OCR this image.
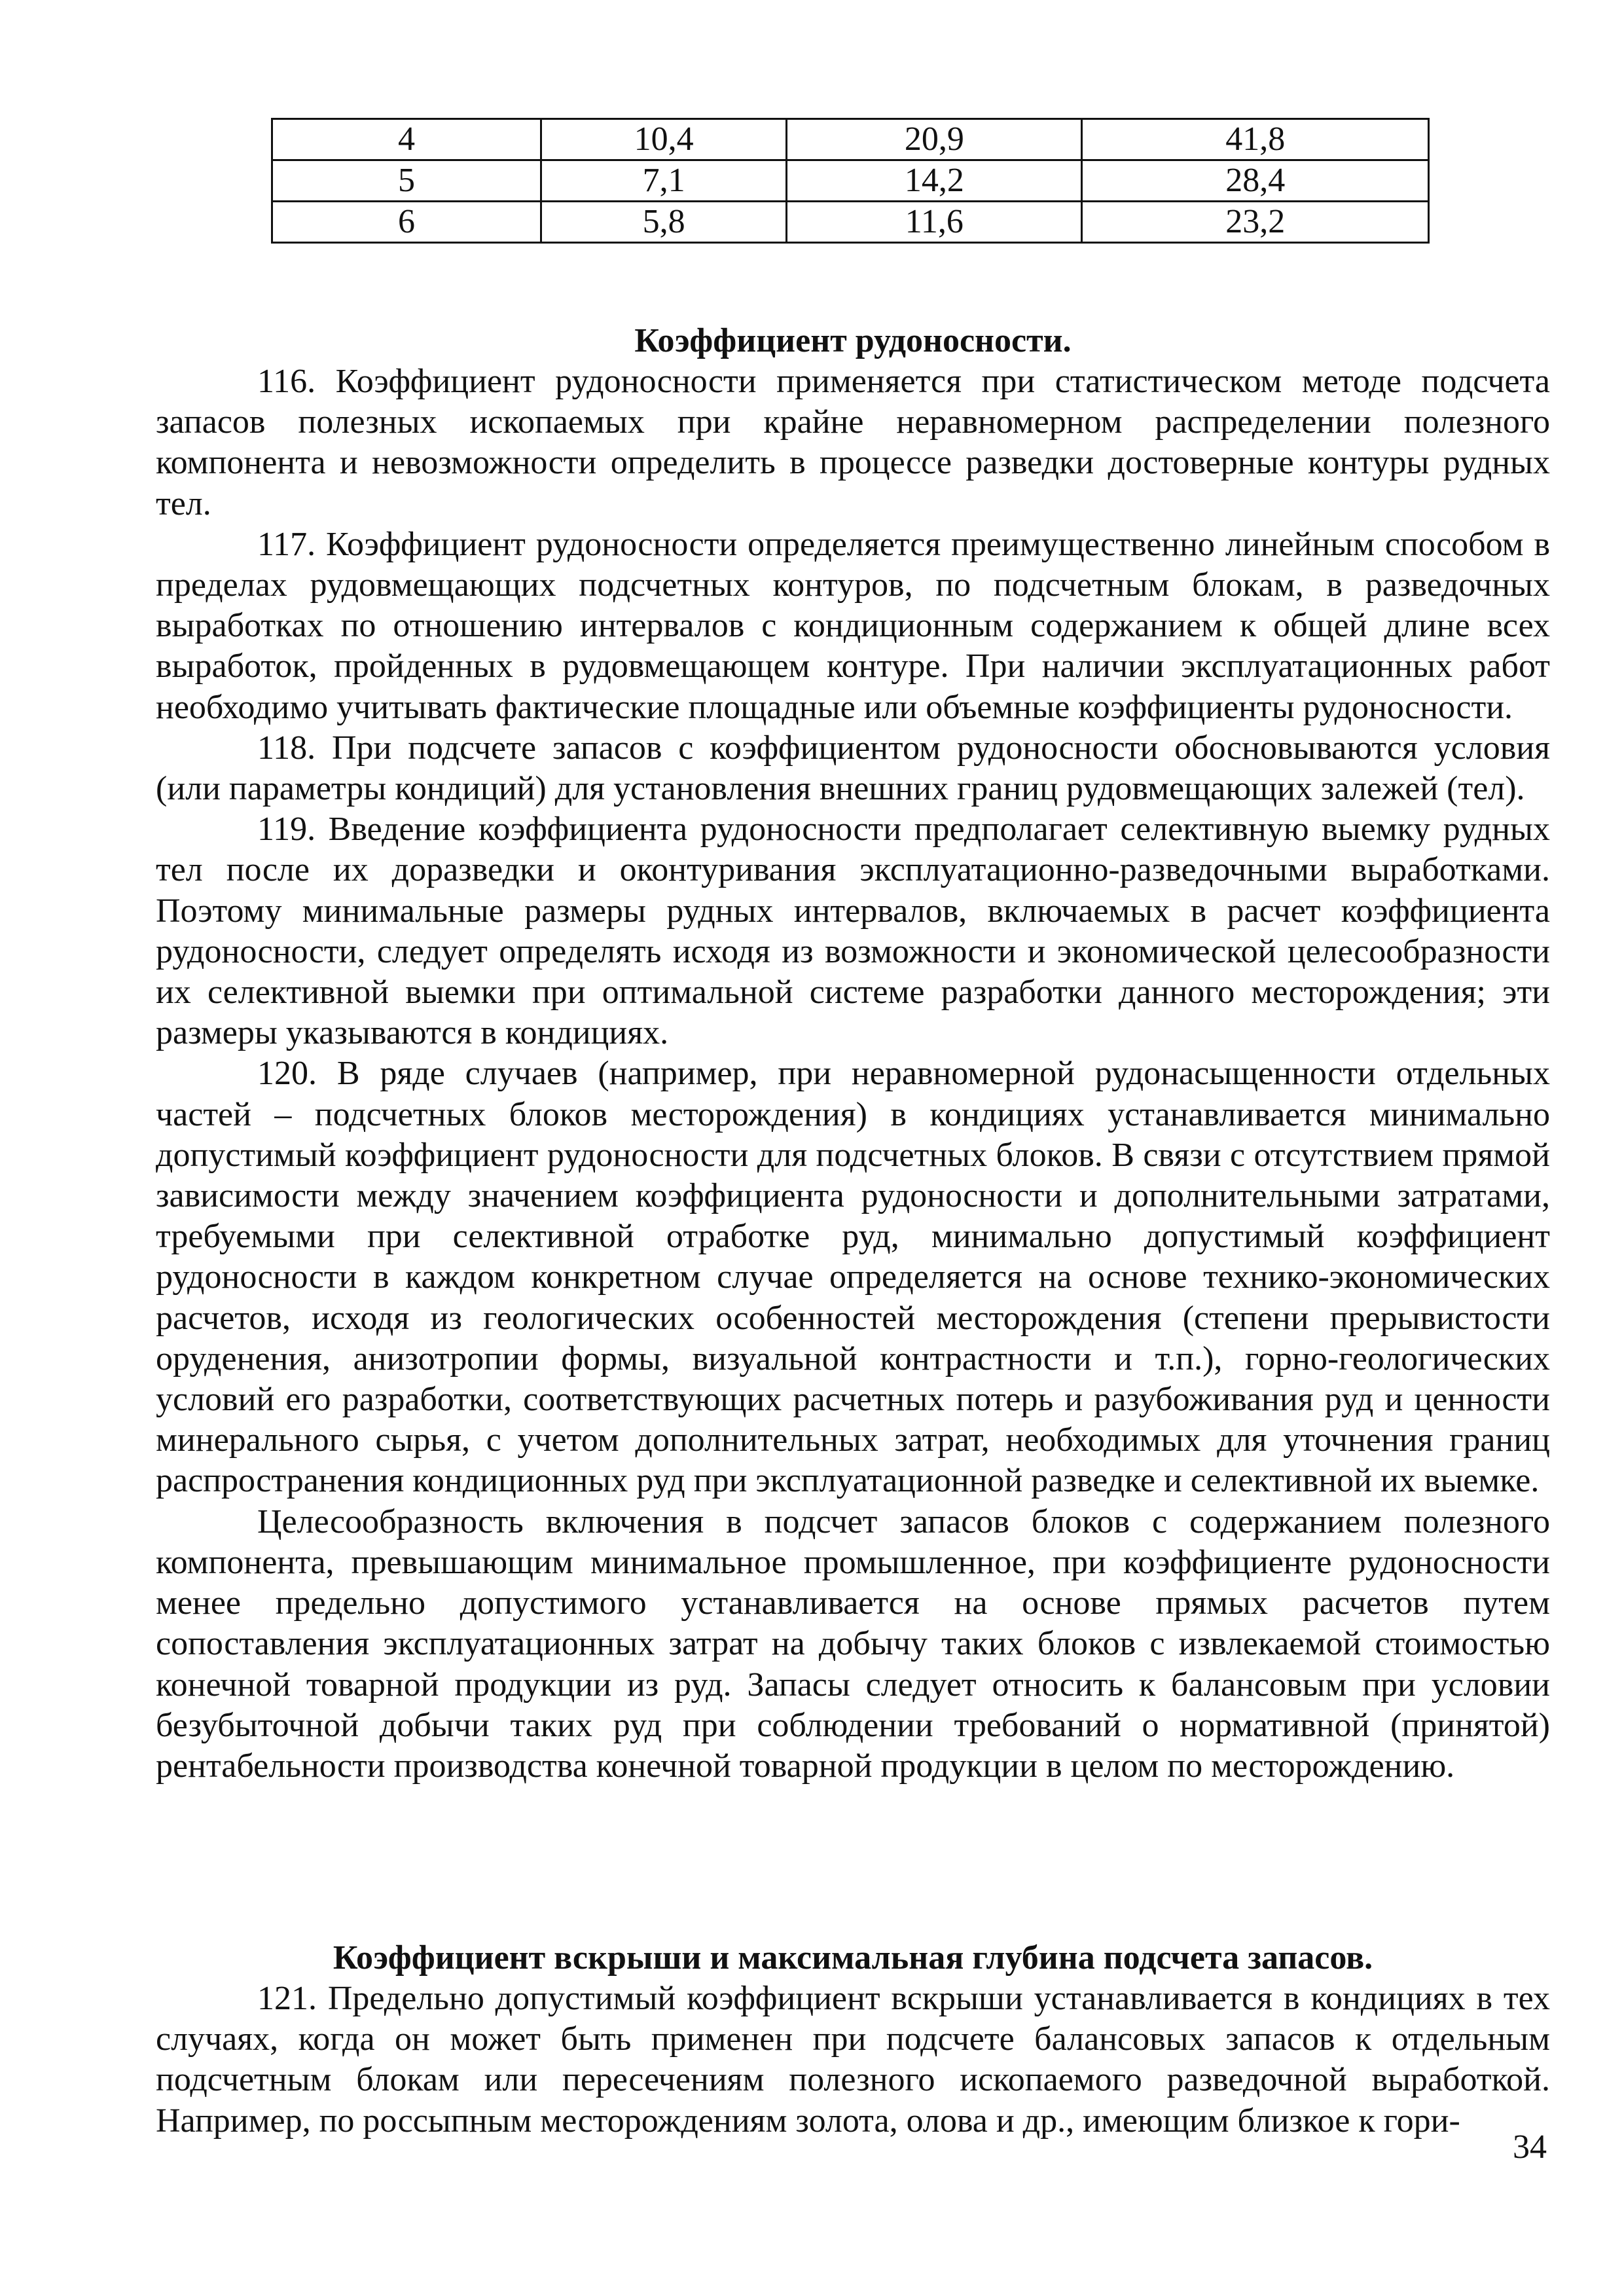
4	10,4	20,9	41,8
5	7,1	14,2	28,4
6	5,8	11,6	23,2
Коэффициент рудоносности.

116. Коэффициент рудоносности применяется при статистическом методе подсчета запасов полезных ископаемых при крайне неравномерном распределении полезного компонента и невозможности определить в процессе разведки достоверные контуры рудных тел.

117. Коэффициент рудоносности определяется преимущественно линейным способом в пределах рудовмещающих подсчетных контуров, по подсчетным блокам, в разведочных выработках по отношению интервалов с кондиционным содержанием к общей длине всех выработок, пройденных в рудовмещающем контуре. При наличии эксплуатационных работ необходимо учитывать фактические площадные или объемные коэффициенты рудоносности.

118. При подсчете запасов с коэффициентом рудоносности обосновываются условия (или параметры кондиций) для установления внешних границ рудовмещающих залежей (тел).

119. Введение коэффициента рудоносности предполагает селективную выемку рудных тел после их доразведки и оконтуривания эксплуатационно-разведочными выработками. Поэтому минимальные размеры рудных интервалов, включаемых в расчет коэффициента рудоносности, следует определять исходя из возможности и экономической целесообразности их селективной выемки при оптимальной системе разработки данного месторождения; эти размеры указываются в кондициях.

120. В ряде случаев (например, при неравномерной рудонасыщенности отдельных частей – подсчетных блоков месторождения) в кондициях устанавливается минимально допустимый коэффициент рудоносности для подсчетных блоков. В связи с отсутствием прямой зависимости между значением коэффициента рудоносности и дополнительными затратами, требуемыми при селективной отработке руд, минимально допустимый коэффициент рудоносности в каждом конкретном случае определяется на основе технико-экономических расчетов, исходя из геологических особенностей месторождения (степени прерывистости оруденения, анизотропии формы, визуальной контрастности и т.п.), горно-геологических условий его разработки, соответствующих расчетных потерь и разубоживания руд и ценности минерального сырья, с учетом дополнительных затрат, необходимых для уточнения границ распространения кондиционных руд при эксплуатационной разведке и селективной их выемке.

Целесообразность включения в подсчет запасов блоков с содержанием полезного компонента, превышающим минимальное промышленное, при коэффициенте рудоносности менее предельно допустимого устанавливается на основе прямых расчетов путем сопоставления эксплуатационных затрат на добычу таких блоков с извлекаемой стоимостью конечной товарной продукции из руд. Запасы следует относить к балансовым при условии безубыточной добычи таких руд при соблюдении требований о нормативной (принятой) рентабельности производства конечной товарной продукции в целом по месторождению.

Коэффициент вскрыши и максимальная глубина подсчета запасов.

121. Предельно допустимый коэффициент вскрыши устанавливается в кондициях в тех случаях, когда он может быть применен при подсчете балансовых запасов к отдельным подсчетным блокам или пересечениям полезного ископаемого разведочной выработкой. Например, по россыпным месторождениям золота, олова и др., имеющим близкое к гори-

34
